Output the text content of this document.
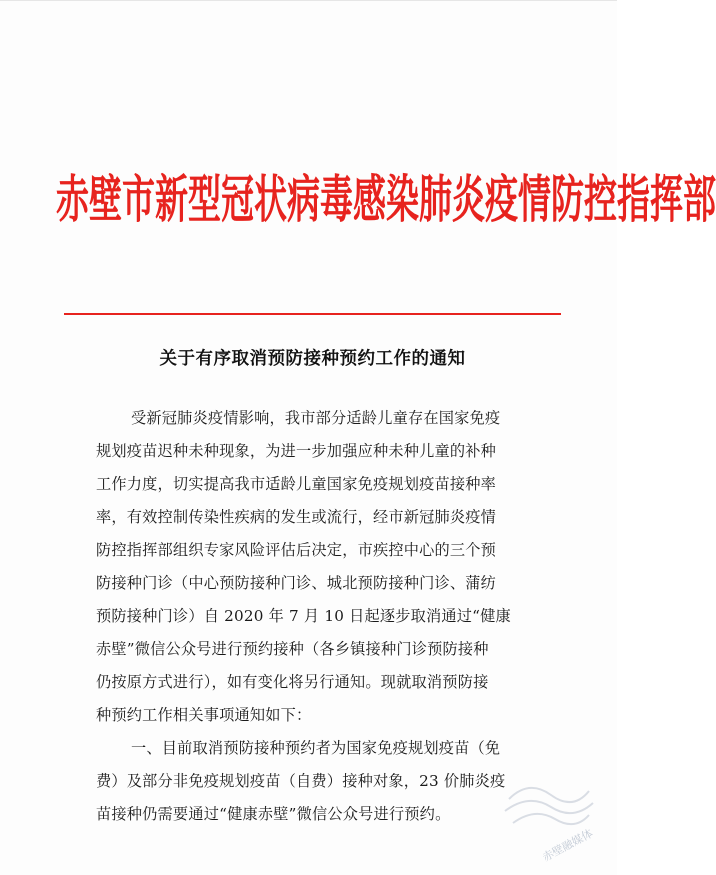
赤壁市新型冠状病毒感染肺炎疫情防控指挥部
关于有序取消预防接种预约工作的通知
受新冠肺炎疫情影响，我市部分适龄儿童存在国家免疫
规划疫苗迟种未种现象，为进一步加强应种未种儿童的补种
工作力度，切实提高我市适龄儿童国家免疫规划疫苗接种率
率，有效控制传染性疾病的发生或流行，经市新冠肺炎疫情
防控指挥部组织专家风险评估后决定，市疾控中心的三个预
防接种门诊（中心预防接种门诊、城北预防接种门诊、蒲纺
预防接种门诊）自 2020 年 7 月 10 日起逐步取消通过“健康
赤壁”微信公众号进行预约接种（各乡镇接种门诊预防接种
仍按原方式进行），如有变化将另行通知。现就取消预防接
种预约工作相关事项通知如下：
一、目前取消预防接种预约者为国家免疫规划疫苗（免
费）及部分非免疫规划疫苗（自费）接种对象，23 价肺炎疫
苗接种仍需要通过“健康赤壁”微信公众号进行预约。
赤壁融媒体
